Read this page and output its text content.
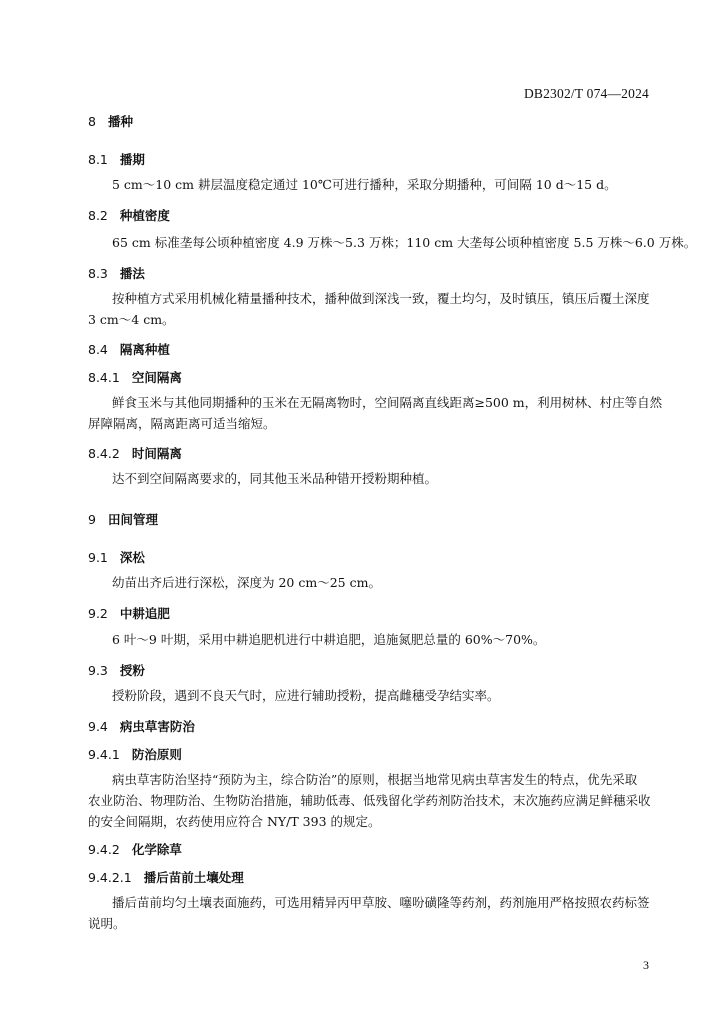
DB2302/T 074—2024
8 播种
8.1 播期
5 cm～10 cm 耕层温度稳定通过 10℃可进行播种，采取分期播种，可间隔 10 d～15 d。
8.2 种植密度
65 cm 标准垄每公顷种植密度 4.9 万株～5.3 万株；110 cm 大垄每公顷种植密度 5.5 万株～6.0 万株。
8.3 播法
按种植方式采用机械化精量播种技术，播种做到深浅一致，覆土均匀，及时镇压，镇压后覆土深度
3 cm～4 cm。
8.4 隔离种植
8.4.1 空间隔离
鲜食玉米与其他同期播种的玉米在无隔离物时，空间隔离直线距离≥500 m，利用树林、村庄等自然
屏障隔离，隔离距离可适当缩短。
8.4.2 时间隔离
达不到空间隔离要求的，同其他玉米品种错开授粉期种植。
9 田间管理
9.1 深松
幼苗出齐后进行深松，深度为 20 cm～25 cm。
9.2 中耕追肥
6 叶～9 叶期，采用中耕追肥机进行中耕追肥，追施氮肥总量的 60%～70%。
9.3 授粉
授粉阶段，遇到不良天气时，应进行辅助授粉，提高雌穗受孕结实率。
9.4 病虫草害防治
9.4.1 防治原则
病虫草害防治坚持“预防为主，综合防治”的原则，根据当地常见病虫草害发生的特点，优先采取
农业防治、物理防治、生物防治措施，辅助低毒、低残留化学药剂防治技术，末次施药应满足鲜穗采收
的安全间隔期，农药使用应符合 NY/T 393 的规定。
9.4.2 化学除草
9.4.2.1 播后苗前土壤处理
播后苗前均匀土壤表面施药，可选用精异丙甲草胺、噻吩磺隆等药剂，药剂施用严格按照农药标签
说明。
3
